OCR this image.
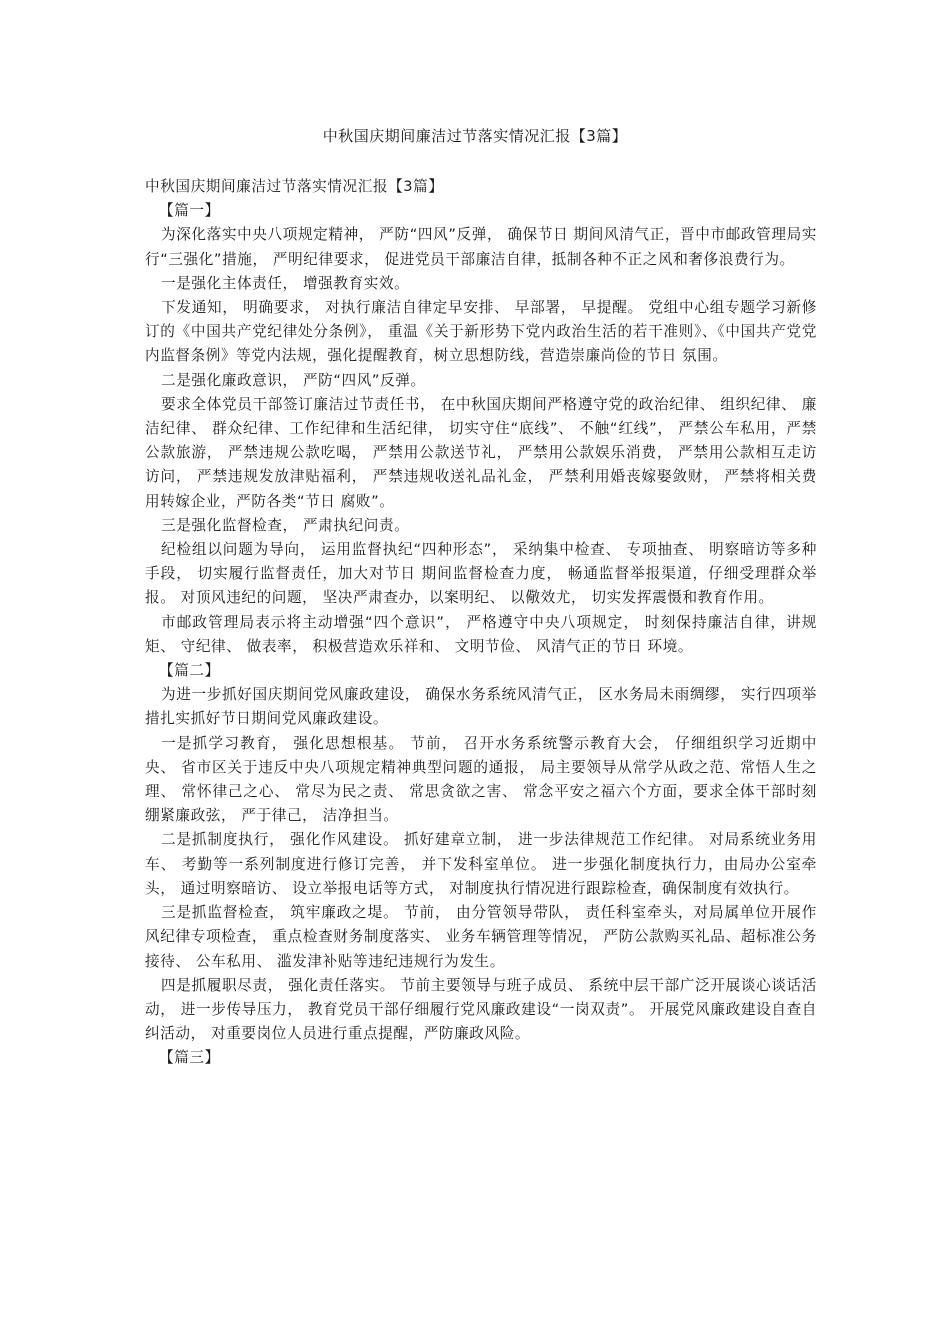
中秋国庆期间廉洁过节落实情况汇报【3篇】

中秋国庆期间廉洁过节落实情况汇报【3篇】

【篇一】

为深化落实中央八项规定精神， 严防“四风”反弹， 确保节日 期间风清气正，晋中市邮政管理局实行“三强化”措施， 严明纪律要求， 促进党员干部廉洁自律，抵制各种不正之风和奢侈浪费行为。

一是强化主体责任， 增强教育实效。

下发通知， 明确要求， 对执行廉洁自律定早安排、 早部署， 早提醒。 党组中心组专题学习新修订的《中国共产党纪律处分条例》， 重温《关于新形势下党内政治生活的若干准则》、《中国共产党党内监督条例》等党内法规，强化提醒教育，树立思想防线，营造崇廉尚俭的节日 氛围。

二是强化廉政意识， 严防“四风”反弹。

要求全体党员干部签订廉洁过节责任书， 在中秋国庆期间严格遵守党的政治纪律、 组织纪律、 廉洁纪律、 群众纪律、工作纪律和生活纪律， 切实守住“底线”、 不触“红线”， 严禁公车私用，严禁公款旅游， 严禁违规公款吃喝， 严禁用公款送节礼， 严禁用公款娱乐消费， 严禁用公款相互走访访问， 严禁违规发放津贴福利， 严禁违规收送礼品礼金， 严禁利用婚丧嫁娶敛财， 严禁将相关费用转嫁企业，严防各类“节日 腐败”。

三是强化监督检查， 严肃执纪问责。

纪检组以问题为导向， 运用监督执纪“四种形态”， 采纳集中检查、 专项抽查、 明察暗访等多种手段， 切实履行监督责任，加大对节日 期间监督检查力度， 畅通监督举报渠道，仔细受理群众举报。 对顶风违纪的问题， 坚决严肃查办，以案明纪、 以儆效尤， 切实发挥震慑和教育作用。

市邮政管理局表示将主动增强“四个意识”， 严格遵守中央八项规定， 时刻保持廉洁自律，讲规矩、 守纪律、 做表率， 积极营造欢乐祥和、 文明节俭、 风清气正的节日 环境。

【篇二】

为进一步抓好国庆期间党风廉政建设， 确保水务系统风清气正， 区水务局未雨绸缪， 实行四项举措扎实抓好节日期间党风廉政建设。

一是抓学习教育， 强化思想根基。 节前， 召开水务系统警示教育大会， 仔细组织学习近期中央、 省市区关于违反中央八项规定精神典型问题的通报， 局主要领导从常学从政之范、常悟人生之理、 常怀律己之心、 常尽为民之责、 常思贪欲之害、 常念平安之福六个方面，要求全体干部时刻绷紧廉政弦， 严于律己， 洁净担当。

二是抓制度执行， 强化作风建设。 抓好建章立制， 进一步法律规范工作纪律。 对局系统业务用车、 考勤等一系列制度进行修订完善， 并下发科室单位。 进一步强化制度执行力，由局办公室牵头， 通过明察暗访、 设立举报电话等方式， 对制度执行情况进行跟踪检查，确保制度有效执行。

三是抓监督检查， 筑牢廉政之堤。 节前， 由分管领导带队， 责任科室牵头，对局属单位开展作风纪律专项检查， 重点检查财务制度落实、 业务车辆管理等情况， 严防公款购买礼品、超标准公务接待、 公车私用、 滥发津补贴等违纪违规行为发生。

四是抓履职尽责， 强化责任落实。 节前主要领导与班子成员、 系统中层干部广泛开展谈心谈话活动， 进一步传导压力， 教育党员干部仔细履行党风廉政建设“一岗双责”。 开展党风廉政建设自查自纠活动， 对重要岗位人员进行重点提醒，严防廉政风险。

【篇三】
